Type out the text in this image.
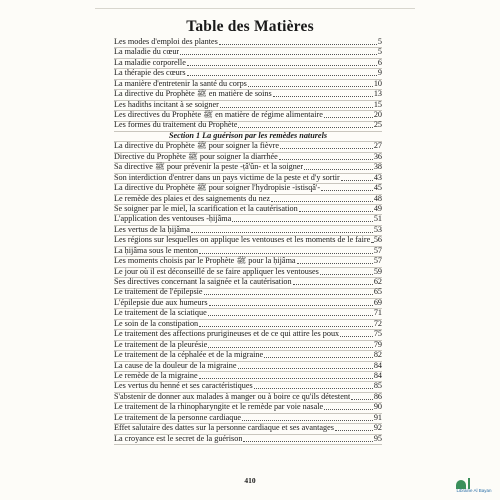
Table des Matières
Les modes d'emploi des plantes	5
La maladie du cœur	5
La maladie corporelle	6
La thérapie des cœurs	9
La manière d'entretenir la santé du corps	10
La directive du Prophète ﷺ en matière de soins	13
Les hadiths incitant à se soigner	15
Les directives du Prophète ﷺ en matière de régime alimentaire	20
Les formes du traitement du Prophète	25
Section 1 La guérison par les remèdes naturels
La directive du Prophète ﷺ pour soigner la fièvre	27
Directive du Prophète ﷺ pour soigner la diarrhée	36
Sa directive ﷺ pour prévenir la peste -ṭâ'ûn- et la soigner	38
Son interdiction d'entrer dans un pays victime de la peste et d'y sortir	43
La directive du Prophète ﷺ pour soigner l'hydropisie -istisqâ'-	45
Le remède des plaies et des saignements du nez	48
Se soigner par le miel, la scarification et la cautérisation	49
L'application des ventouses -ḥijâma	51
Les vertus de la ḥijâma	53
Les régions sur lesquelles on applique les ventouses et les moments de le faire 56
La ḥijâma sous le menton	57
Les moments choisis par le Prophète ﷺ pour la ḥijâma	57
Le jour où il est déconseillé de se faire appliquer les ventouses	59
Ses directives concernant la saignée et la cautérisation	62
Le traitement de l'épilepsie	65
L'épilepsie due aux humeurs	69
Le traitement de la sciatique	71
Le soin de la constipation	72
Le traitement des affections prurigineuses et de ce qui attire les poux	75
Le traitement de la pleurésie	79
Le traitement de la céphalée et de la migraine	82
La cause de la douleur de la migraine	84
Le remède de la migraine	84
Les vertus du henné et ses caractéristiques	85
S'abstenir de donner aux malades à manger ou à boire ce qu'ils détestent	86
Le traitement de la rhinopharyngite et le remède par voie nasale	90
Le traitement de la personne cardiaque	91
Effet salutaire des dattes sur la personne cardiaque et ses avantages	92
La croyance est le secret de la guérison	95
410
Librairie Al Bayan
